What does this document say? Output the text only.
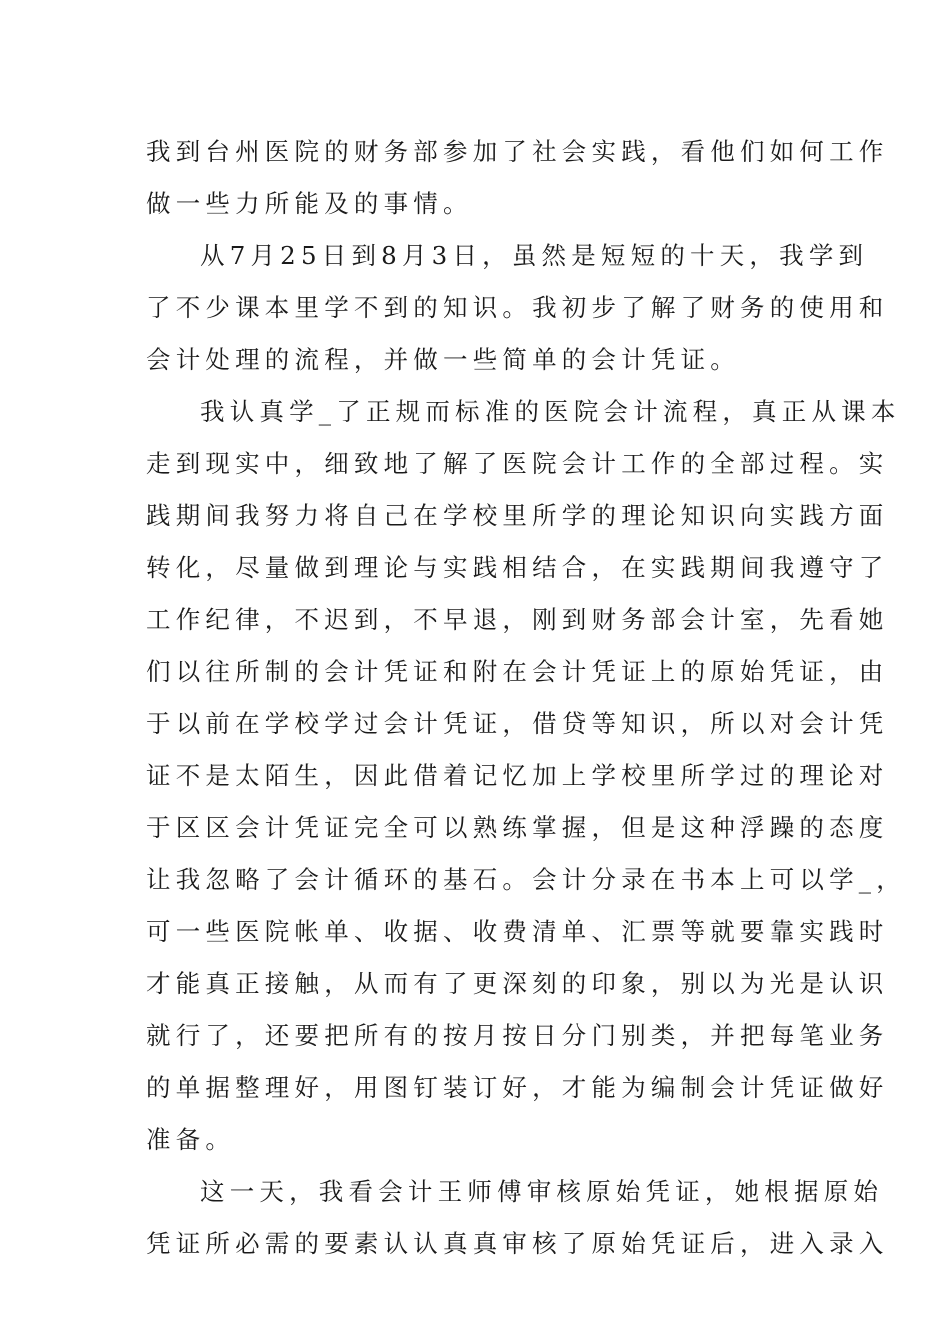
我到台州医院的财务部参加了社会实践，看他们如何工作
做一些力所能及的事情。
从7月25日到8月3日，虽然是短短的十天，我学到
了不少课本里学不到的知识。我初步了解了财务的使用和
会计处理的流程，并做一些简单的会计凭证。
我认真学_了正规而标准的医院会计流程，真正从课本
走到现实中，细致地了解了医院会计工作的全部过程。实
践期间我努力将自己在学校里所学的理论知识向实践方面
转化，尽量做到理论与实践相结合，在实践期间我遵守了
工作纪律，不迟到，不早退，刚到财务部会计室，先看她
们以往所制的会计凭证和附在会计凭证上的原始凭证，由
于以前在学校学过会计凭证，借贷等知识，所以对会计凭
证不是太陌生，因此借着记忆加上学校里所学过的理论对
于区区会计凭证完全可以熟练掌握，但是这种浮躁的态度
让我忽略了会计循环的基石。会计分录在书本上可以学_，
可一些医院帐单、收据、收费清单、汇票等就要靠实践时
才能真正接触，从而有了更深刻的印象，别以为光是认识
就行了，还要把所有的按月按日分门别类，并把每笔业务
的单据整理好，用图钉装订好，才能为编制会计凭证做好
准备。
这一天，我看会计王师傅审核原始凭证，她根据原始
凭证所必需的要素认认真真审核了原始凭证后，进入录入
